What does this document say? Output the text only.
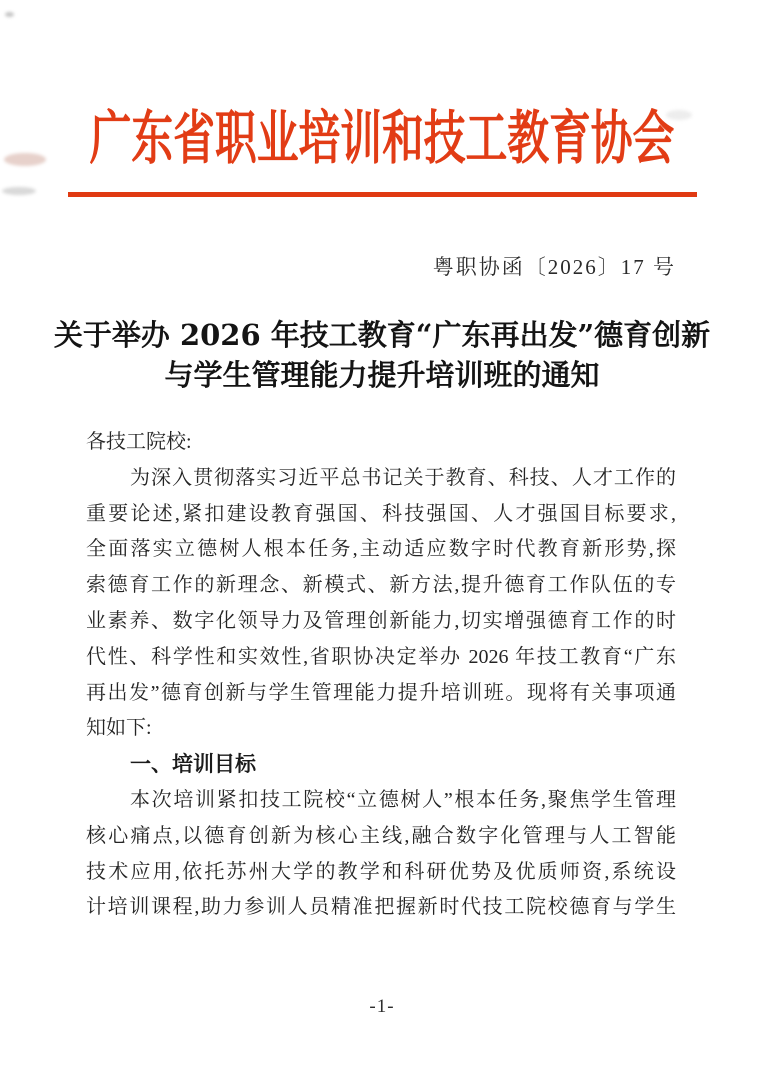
广东省职业培训和技工教育协会
粤职协函〔2026〕17 号
关于举办 2026 年技工教育“广东再出发”德育创新
与学生管理能力提升培训班的通知
各技工院校:
为深入贯彻落实习近平总书记关于教育、科技、人才工作的
重要论述,紧扣建设教育强国、科技强国、人才强国目标要求,
全面落实立德树人根本任务,主动适应数字时代教育新形势,探
索德育工作的新理念、新模式、新方法,提升德育工作队伍的专
业素养、数字化领导力及管理创新能力,切实增强德育工作的时
代性、科学性和实效性,省职协决定举办 2026 年技工教育“广东
再出发”德育创新与学生管理能力提升培训班。现将有关事项通
知如下:
一、培训目标
本次培训紧扣技工院校“立德树人”根本任务,聚焦学生管理
核心痛点,以德育创新为核心主线,融合数字化管理与人工智能
技术应用,依托苏州大学的教学和科研优势及优质师资,系统设
计培训课程,助力参训人员精准把握新时代技工院校德育与学生
-1-
